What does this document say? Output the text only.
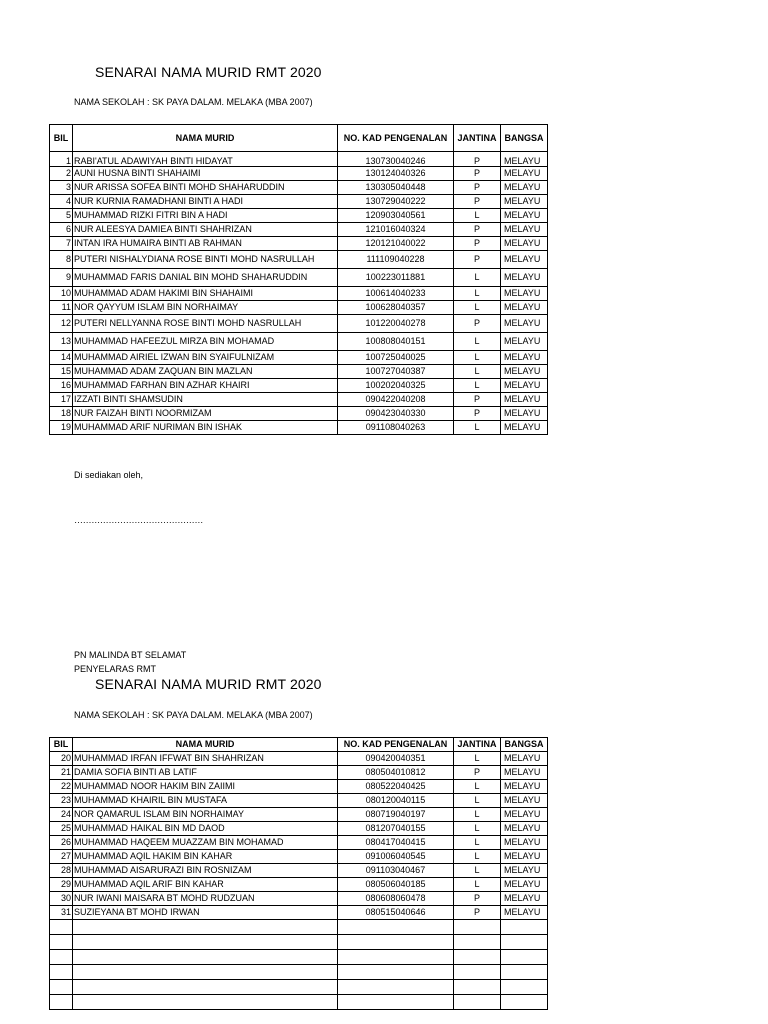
SENARAI NAMA MURID RMT 2020
NAMA SEKOLAH : SK PAYA DALAM. MELAKA (MBA 2007)
BIL	NAMA MURID	NO. KAD PENGENALAN	JANTINA	BANGSA
1	RABI'ATUL ADAWIYAH BINTI HIDAYAT	130730040246	P	MELAYU
2	AUNI HUSNA BINTI SHAHAIMI	130124040326	P	MELAYU
3	NUR ARISSA SOFEA BINTI MOHD SHAHARUDDIN	130305040448	P	MELAYU
4	NUR KURNIA RAMADHANI BINTI A HADI	130729040222	P	MELAYU
5	MUHAMMAD RIZKI FITRI BIN A HADI	120903040561	L	MELAYU
6	NUR ALEESYA DAMIEA BINTI SHAHRIZAN	121016040324	P	MELAYU
7	INTAN IRA HUMAIRA BINTI AB RAHMAN	120121040022	P	MELAYU
8	PUTERI NISHALYDIANA ROSE BINTI MOHD NASRULLAH	111109040228	P	MELAYU
9	MUHAMMAD FARIS DANIAL BIN MOHD SHAHARUDDIN	100223011881	L	MELAYU
10	MUHAMMAD ADAM HAKIMI BIN SHAHAIMI	100614040233	L	MELAYU
11	NOR QAYYUM ISLAM BIN NORHAIMAY	100628040357	L	MELAYU
12	PUTERI NELLYANNA ROSE BINTI MOHD NASRULLAH	101220040278	P	MELAYU
13	MUHAMMAD HAFEEZUL MIRZA BIN MOHAMAD	100808040151	L	MELAYU
14	MUHAMMAD AIRIEL IZWAN BIN SYAIFULNIZAM	100725040025	L	MELAYU
15	MUHAMMAD ADAM ZAQUAN BIN MAZLAN	100727040387	L	MELAYU
16	MUHAMMAD FARHAN BIN AZHAR KHAIRI	100202040325	L	MELAYU
17	IZZATI BINTI SHAMSUDIN	090422040208	P	MELAYU
18	NUR FAIZAH BINTI NOORMIZAM	090423040330	P	MELAYU
19	MUHAMMAD ARIF NURIMAN BIN ISHAK	091108040263	L	MELAYU
Di sediakan oleh,
………………………………………
PN MALINDA BT SELAMAT
PENYELARAS RMT
SENARAI NAMA MURID RMT 2020
NAMA SEKOLAH : SK PAYA DALAM. MELAKA (MBA 2007)
BIL	NAMA MURID	NO. KAD PENGENALAN	JANTINA	BANGSA
20	MUHAMMAD IRFAN IFFWAT BIN SHAHRIZAN	090420040351	L	MELAYU
21	DAMIA SOFIA BINTI AB LATIF	080504010812	P	MELAYU
22	MUHAMMAD NOOR HAKIM BIN ZAIIMI	080522040425	L	MELAYU
23	MUHAMMAD KHAIRIL BIN MUSTAFA	080120040115	L	MELAYU
24	NOR QAMARUL ISLAM BIN NORHAIMAY	080719040197	L	MELAYU
25	MUHAMMAD HAIKAL BIN MD DAOD	081207040155	L	MELAYU
26	MUHAMMAD HAQEEM MUAZZAM BIN MOHAMAD	080417040415	L	MELAYU
27	MUHAMMAD AQIL HAKIM BIN KAHAR	091006040545	L	MELAYU
28	MUHAMMAD AISARURAZI BIN ROSNIZAM	091103040467	L	MELAYU
29	MUHAMMAD AQIL ARIF BIN KAHAR	080506040185	L	MELAYU
30	NUR IWANI MAISARA BT MOHD RUDZUAN	080608060478	P	MELAYU
31	SUZIEYANA BT MOHD IRWAN	080515040646	P	MELAYU
